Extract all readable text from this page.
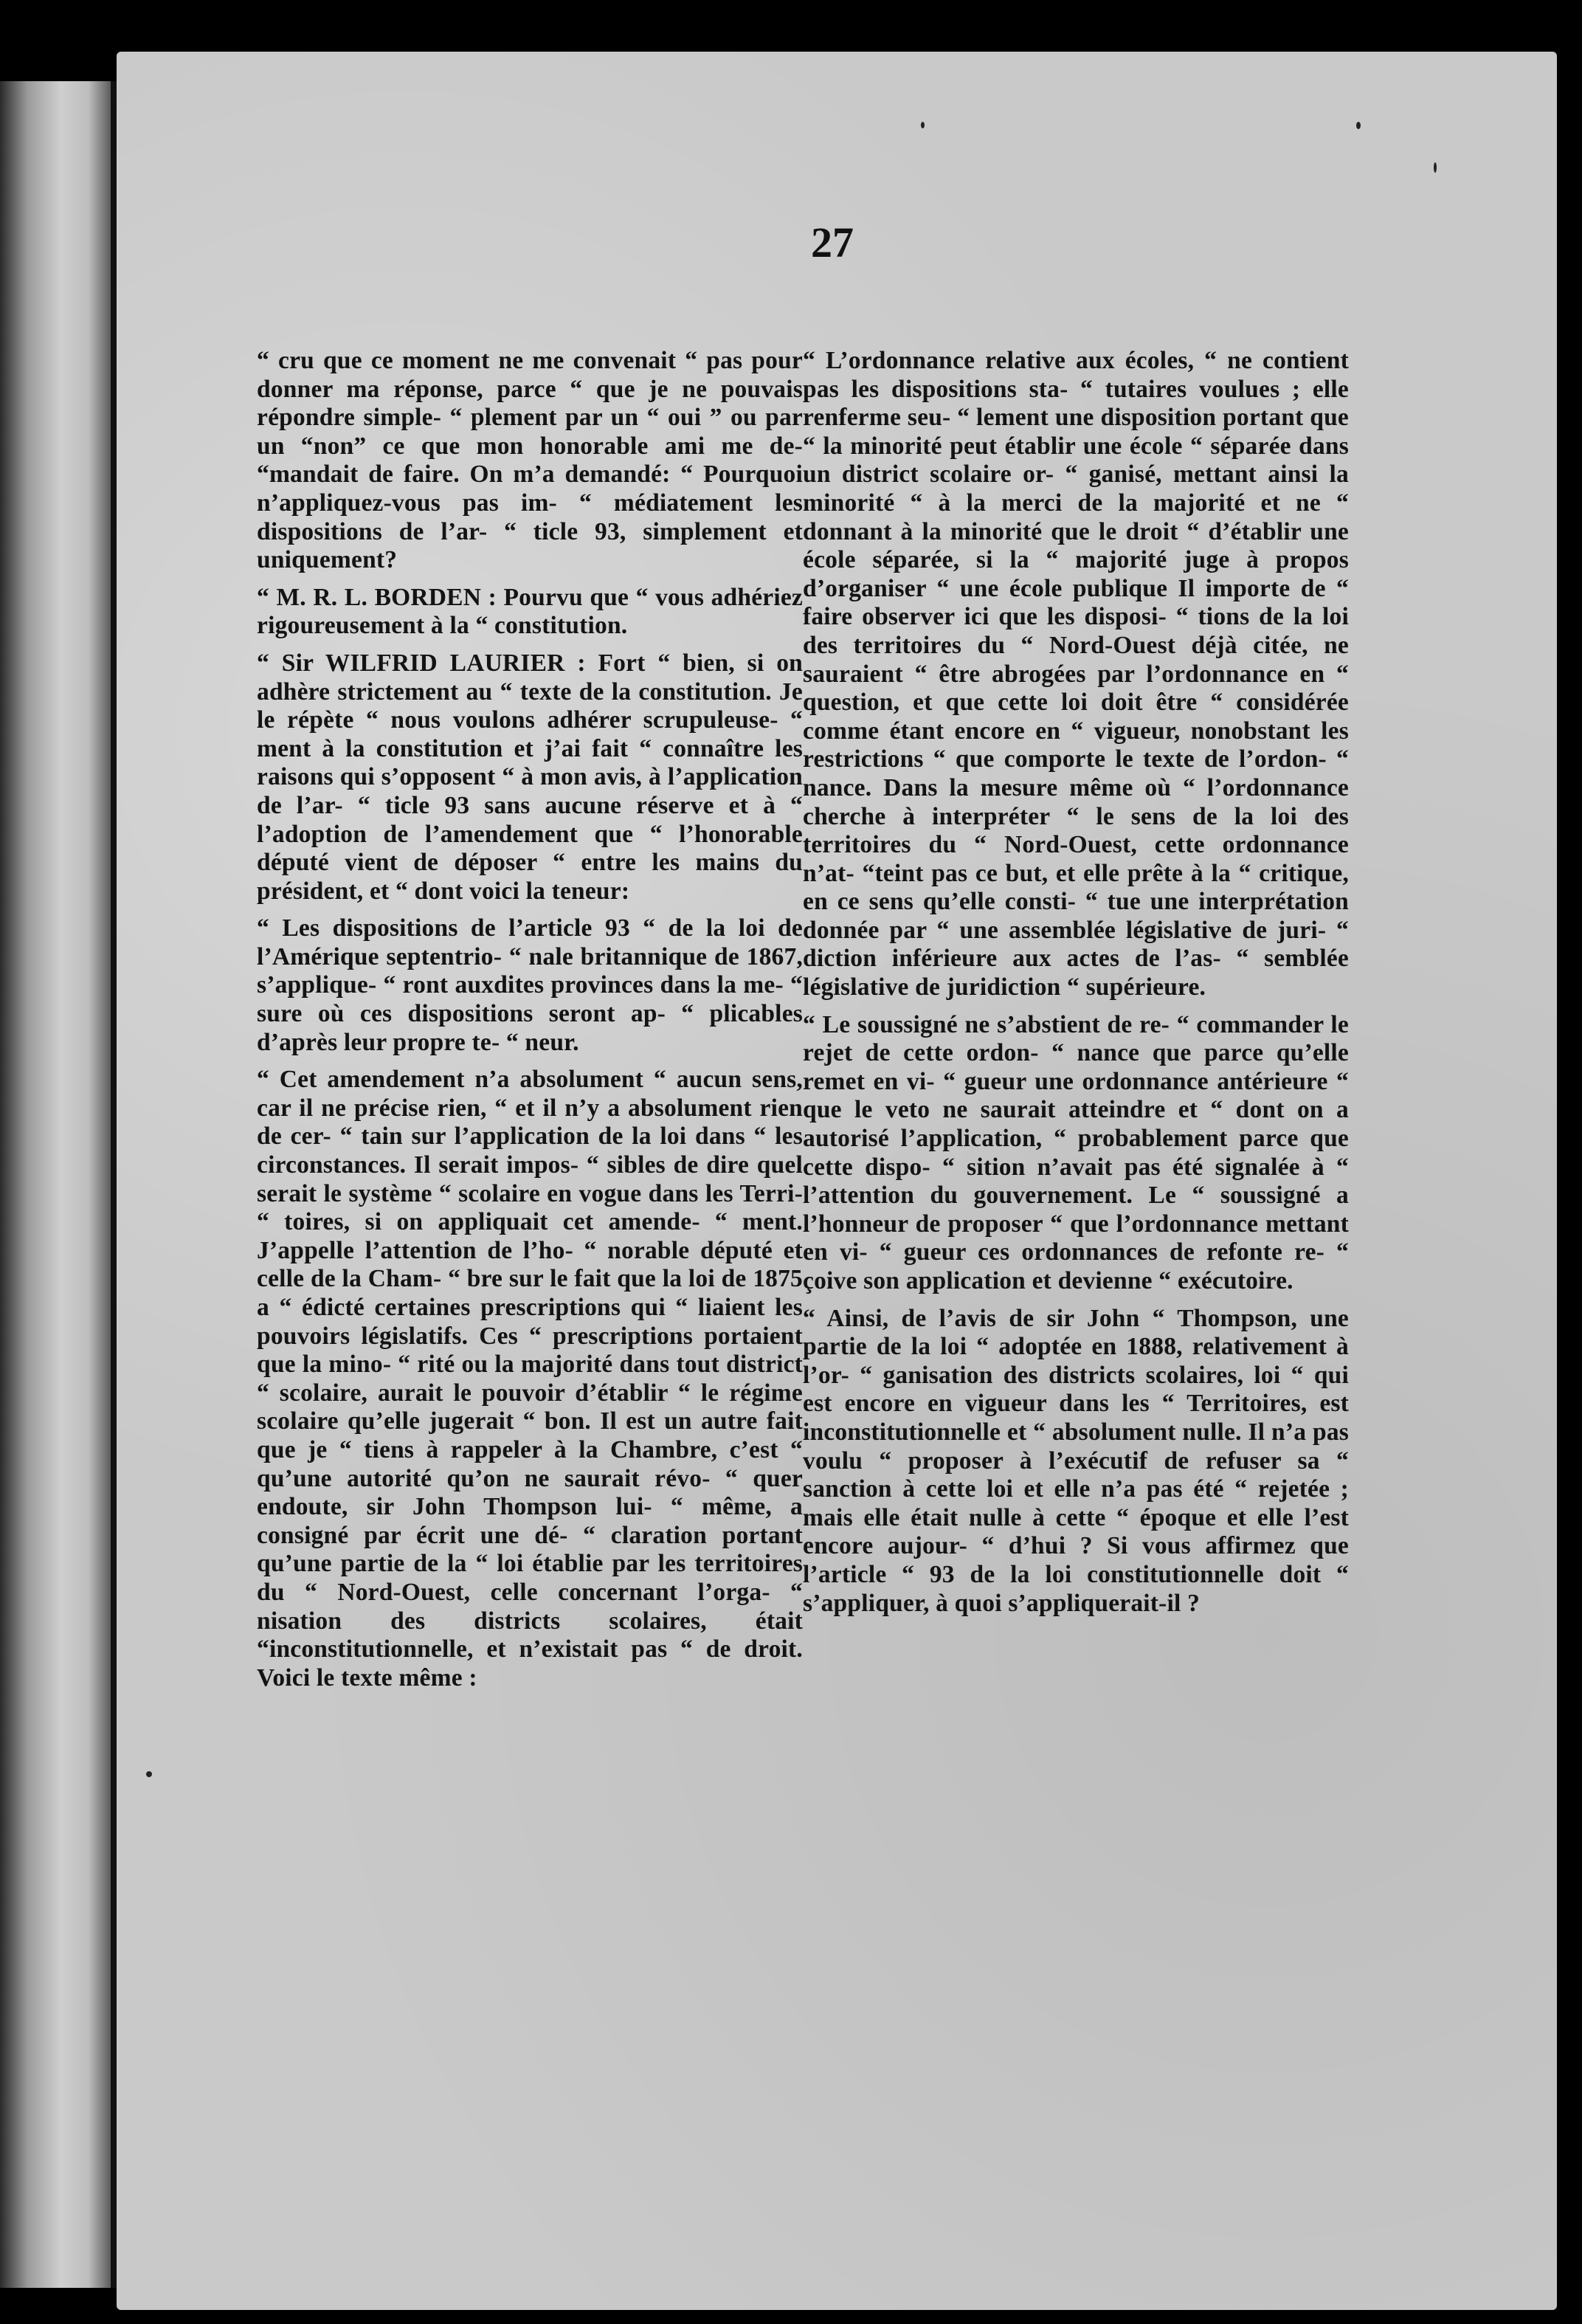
27

“ cru que ce moment ne me convenait “ pas pour donner ma réponse, parce “ que je ne pouvais répondre simple- “ plement par un “ oui ” ou par un “non” ce que mon honorable ami me de- “mandait de faire. On m’a demandé: “ Pourquoi n’appliquez-vous pas im- “ médiatement les dispositions de l’ar- “ ticle 93, simplement et uniquement?

“ M. R. L. BORDEN : Pourvu que “ vous adhériez rigoureusement à la “ constitution.

“ Sir WILFRID LAURIER : Fort “ bien, si on adhère strictement au “ texte de la constitution. Je le répète “ nous voulons adhérer scrupuleuse- “ ment à la constitution et j’ai fait “ connaître les raisons qui s’opposent “ à mon avis, à l’application de l’ar- “ ticle 93 sans aucune réserve et à “ l’adoption de l’amendement que “ l’honorable député vient de déposer “ entre les mains du président, et “ dont voici la teneur:

“ Les dispositions de l’article 93 “ de la loi de l’Amérique septentrio- “ nale britannique de 1867, s’applique- “ ront auxdites provinces dans la me- “ sure où ces dispositions seront ap- “ plicables d’après leur propre te- “ neur.

“ Cet amendement n’a absolument “ aucun sens, car il ne précise rien, “ et il n’y a absolument rien de cer- “ tain sur l’application de la loi dans “ les circonstances. Il serait impos- “ sibles de dire quel serait le système “ scolaire en vogue dans les Terri- “ toires, si on appliquait cet amende- “ ment. J’appelle l’attention de l’ho- “ norable député et celle de la Cham- “ bre sur le fait que la loi de 1875 a “ édicté certaines prescriptions qui “ liaient les pouvoirs législatifs. Ces “ prescriptions portaient que la mino- “ rité ou la majorité dans tout district “ scolaire, aurait le pouvoir d’établir “ le régime scolaire qu’elle jugerait “ bon. Il est un autre fait que je “ tiens à rappeler à la Chambre, c’est “ qu’une autorité qu’on ne saurait révo- “ quer endoute, sir John Thompson lui- “ même, a consigné par écrit une dé- “ claration portant qu’une partie de la “ loi établie par les territoires du “ Nord-Ouest, celle concernant l’orga- “ nisation des districts scolaires, était “inconstitutionnelle, et n’existait pas “ de droit. Voici le texte même :

“ L’ordonnance relative aux écoles, “ ne contient pas les dispositions sta- “ tutaires voulues ; elle renferme seu- “ lement une disposition portant que “ la minorité peut établir une école “ séparée dans un district scolaire or- “ ganisé, mettant ainsi la minorité “ à la merci de la majorité et ne “ donnant à la minorité que le droit “ d’établir une école séparée, si la “ majorité juge à propos d’organiser “ une école publique Il importe de “ faire observer ici que les disposi- “ tions de la loi des territoires du “ Nord-Ouest déjà citée, ne sauraient “ être abrogées par l’ordonnance en “ question, et que cette loi doit être “ considérée comme étant encore en “ vigueur, nonobstant les restrictions “ que comporte le texte de l’ordon- “ nance. Dans la mesure même où “ l’ordonnance cherche à interpréter “ le sens de la loi des territoires du “ Nord-Ouest, cette ordonnance n’at- “teint pas ce but, et elle prête à la “ critique, en ce sens qu’elle consti- “ tue une interprétation donnée par “ une assemblée législative de juri- “ diction inférieure aux actes de l’as- “ semblée législative de juridiction “ supérieure.

“ Le soussigné ne s’abstient de re- “ commander le rejet de cette ordon- “ nance que parce qu’elle remet en vi- “ gueur une ordonnance antérieure “ que le veto ne saurait atteindre et “ dont on a autorisé l’application, “ probablement parce que cette dispo- “ sition n’avait pas été signalée à “ l’attention du gouvernement. Le “ soussigné a l’honneur de proposer “ que l’ordonnance mettant en vi- “ gueur ces ordonnances de refonte re- “ çoive son application et devienne “ exécutoire.

“ Ainsi, de l’avis de sir John “ Thompson, une partie de la loi “ adoptée en 1888, relativement à l’or- “ ganisation des districts scolaires, loi “ qui est encore en vigueur dans les “ Territoires, est inconstitutionnelle et “ absolument nulle. Il n’a pas voulu “ proposer à l’exécutif de refuser sa “ sanction à cette loi et elle n’a pas été “ rejetée ; mais elle était nulle à cette “ époque et elle l’est encore aujour- “ d’hui ? Si vous affirmez que l’article “ 93 de la loi constitutionnelle doit “ s’appliquer, à quoi s’appliquerait-il ?
